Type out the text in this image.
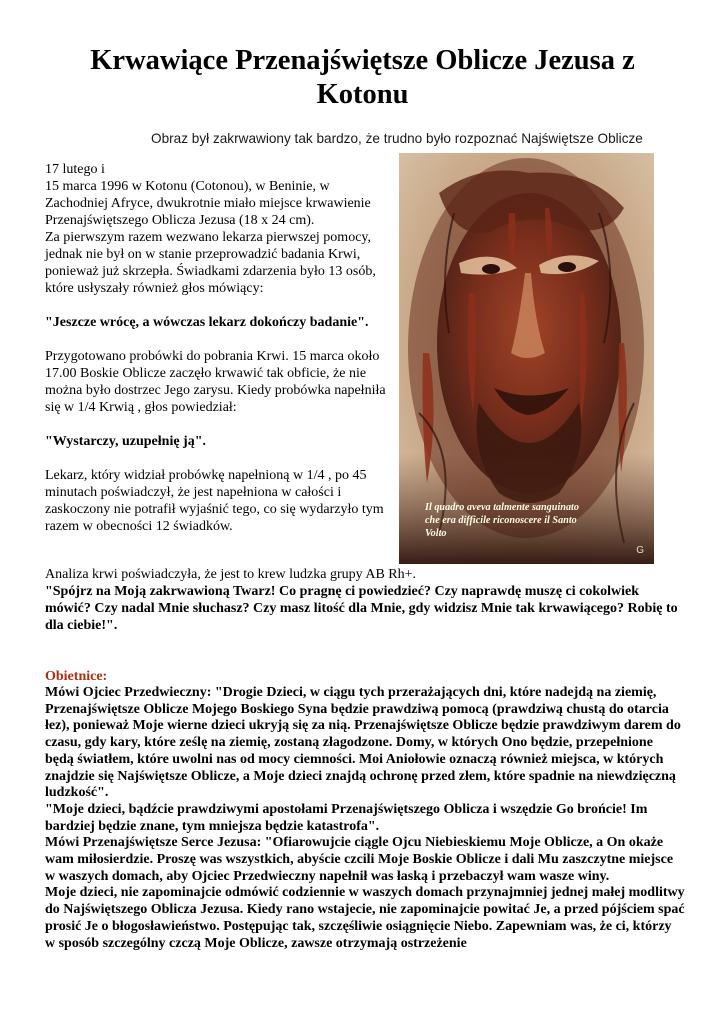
Krwawiące Przenajświętsze Oblicze Jezusa z Kotonu
Obraz był zakrwawiony tak bardzo, że trudno było rozpoznać Najświętsze Oblicze
Il quadro aveva talmente sanguinato che era difficile riconoscere il Santo Volto
G

17 lutego i

15 marca 1996 w Kotonu (Cotonou), w Beninie, w Zachodniej Afryce, dwukrotnie miało miejsce krwawienie Przenajświętszego Oblicza Jezusa (18 x 24 cm).

Za pierwszym razem wezwano lekarza pierwszej pomocy, jednak nie był on w stanie przeprowadzić badania Krwi, ponieważ już skrzepła. Świadkami zdarzenia było 13 osób, które usłyszały również głos mówiący:

"Jeszcze wrócę, a wówczas lekarz dokończy badanie".

Przygotowano probówki do pobrania Krwi. 15 marca około 17.00 Boskie Oblicze zaczęło krwawić tak obficie, że nie można było dostrzec Jego zarysu. Kiedy probówka napełniła się w 1/4 Krwią , głos powiedział:

"Wystarczy, uzupełnię ją".

Lekarz, który widział probówkę napełnioną w 1/4 , po 45 minutach poświadczył, że jest napełniona w całości i zaskoczony nie potrafił wyjaśnić tego, co się wydarzyło tym razem w obecności 12 świadków.

Analiza krwi poświadczyła, że jest to krew ludzka grupy AB Rh+.

"Spójrz na Moją zakrwawioną Twarz! Co pragnę ci powiedzieć? Czy naprawdę muszę ci cokolwiek mówić? Czy nadal Mnie słuchasz? Czy masz litość dla Mnie, gdy widzisz Mnie tak krwawiącego? Robię to dla ciebie!".

Obietnice:

Mówi Ojciec Przedwieczny: "Drogie Dzieci, w ciągu tych przerażających dni, które nadejdą na ziemię, Przenajświętsze Oblicze Mojego Boskiego Syna będzie prawdziwą pomocą (prawdziwą chustą do otarcia łez), ponieważ Moje wierne dzieci ukryją się za nią. Przenajświętsze Oblicze będzie prawdziwym darem do czasu, gdy kary, które ześlę na ziemię, zostaną złagodzone. Domy, w których Ono będzie, przepełnione będą światłem, które uwolni nas od mocy ciemności. Moi Aniołowie oznaczą również miejsca, w których znajdzie się Najświętsze Oblicze, a Moje dzieci znajdą ochronę przed złem, które spadnie na niewdzięczną ludzkość".

"Moje dzieci, bądźcie prawdziwymi apostołami Przenajświętszego Oblicza i wszędzie Go brońcie! Im bardziej będzie znane, tym mniejsza będzie katastrofa".

Mówi Przenajświętsze Serce Jezusa: "Ofiarowujcie ciągle Ojcu Niebieskiemu Moje Oblicze, a On okaże wam miłosierdzie. Proszę was wszystkich, abyście czcili Moje Boskie Oblicze i dali Mu zaszczytne miejsce w waszych domach, aby Ojciec Przedwieczny napełnił was łaską i przebaczył wam wasze winy.

Moje dzieci, nie zapominajcie odmówić codziennie w waszych domach przynajmniej jednej małej modlitwy do Najświętszego Oblicza Jezusa. Kiedy rano wstajecie, nie zapominajcie powitać Je, a przed pójściem spać prosić Je o błogosławieństwo. Postępując tak, szczęśliwie osiągnięcie Niebo. Zapewniam was, że ci, którzy w sposób szczególny czczą Moje Oblicze, zawsze otrzymają ostrzeżenie
